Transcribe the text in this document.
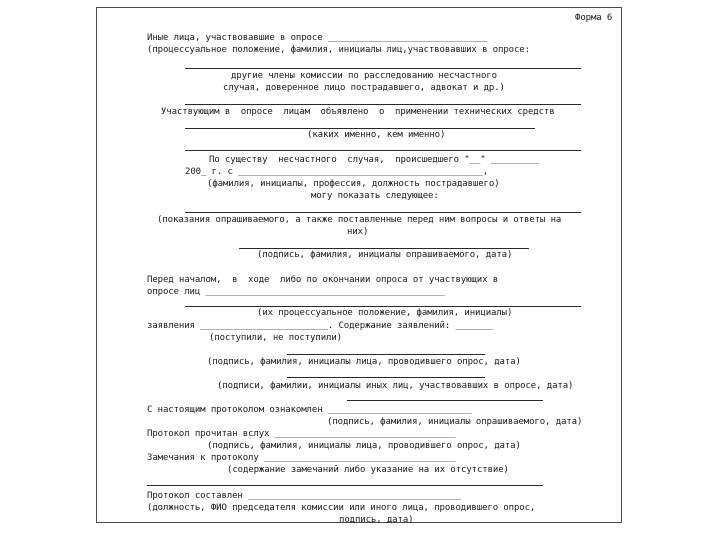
Форма 6

Иные лица, участвовавшие в опросе ______________________________

(процессуальное положение, фамилия, инициалы лиц,участвовавших в опросе:

другие члены комиссии по расследованию несчастного

случая, доверенное лицо пострадавшего, адвокат и др.)

Участвующим в  опросе  лицам  объявлено  о  применении технических средств

(каких именно, кем именно)

По существу  несчастного  случая,  происшедшего "__" _________

200_ г. с ______________________________________________,

(фамилия, инициалы, профессия, должность пострадавшего)

могу показать следующее:

(показания опрашиваемого, а также поставленные перед ним вопросы и ответы на

них)

(подпись, фамилия, инициалы опрашиваемого, дата)

Перед началом,  в  ходе  либо по окончании опроса от участвующих в

опросе лиц _____________________________________________

(их процессуальное положение, фамилия, инициалы)

заявления ________________________. Содержание заявлений: _______

(поступили, не поступили)

(подпись, фамилия, инициалы лица, проводившего опрос, дата)

(подписи, фамилии, инициалы иных лиц, участвовавших в опросе, дата)

С настоящим протоколом ознакомлен ___________________________

(подпись, фамилия, инициалы опрашиваемого, дата)

Протокол прочитан вслух __________________________________

(подпись, фамилия, инициалы лица, проводившего опрос, дата)

Замечания к протоколу ____________________________________

(содержание замечаний либо указание на их отсутствие)

Протокол составлен ________________________________________

(должность, ФИО председателя комиссии или иного лица, проводившего опрос,

подпись, дата)
